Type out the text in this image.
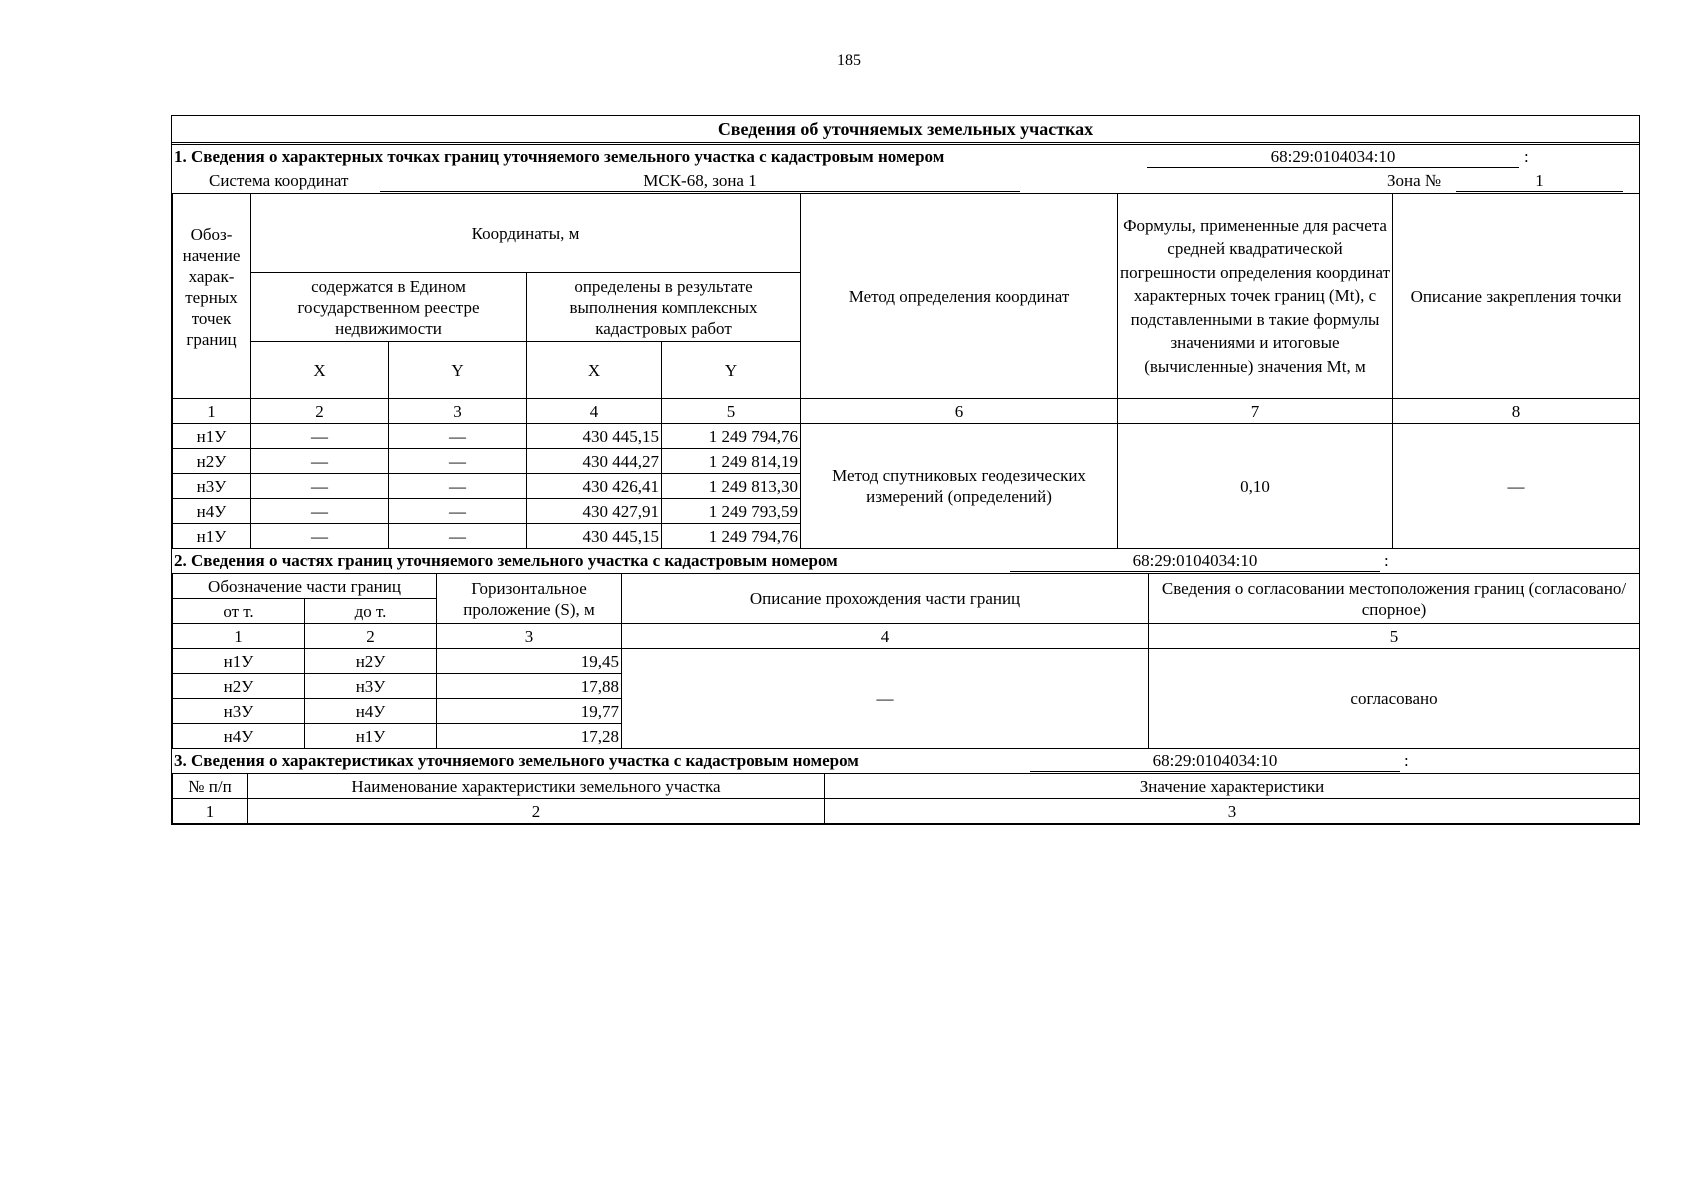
185
Сведения об уточняемых земельных участках
1. Сведения о характерных точках границ уточняемого земельного участка с кадастровым номером	68:29:0104034:10	:
Система координат	МСК-68, зона 1	Зона №	1
Обоз-начение харак-терных точек границ	Координаты, м				Метод определения координат	Формулы, примененные для расчета средней квадратической погрешности определения координат характерных точек границ (Mt), с подставленными в такие формулы значениями и итоговые (вычисленные) значения Mt, м	Описание закрепления точки
	содержатся в Едином государственном реестре недвижимости		определены в результате выполнения комплексных кадастровых работ				
	X	Y	X	Y			
1	2	3	4	5	6	7	8
н1У	—	—	430 445,15	1 249 794,76	Метод спутниковых геодезических измерений (определений)	0,10	—
н2У	—	—	430 444,27	1 249 814,19			
н3У	—	—	430 426,41	1 249 813,30			
н4У	—	—	430 427,91	1 249 793,59			
н1У	—	—	430 445,15	1 249 794,76			
2. Сведения о частях границ уточняемого земельного участка с кадастровым номером	68:29:0104034:10	:
Обозначение части границ		Горизонтальное проложение (S), м	Описание прохождения части границ	Сведения о согласовании местоположения границ (согласовано/спорное)
от т.	до т.			
1	2	3	4	5
н1У	н2У	19,45	—	согласовано
н2У	н3У	17,88		
н3У	н4У	19,77		
н4У	н1У	17,28		
3. Сведения о характеристиках уточняемого земельного участка с кадастровым номером	68:29:0104034:10	:
№ п/п	Наименование характеристики земельного участка	Значение характеристики
1	2	3
